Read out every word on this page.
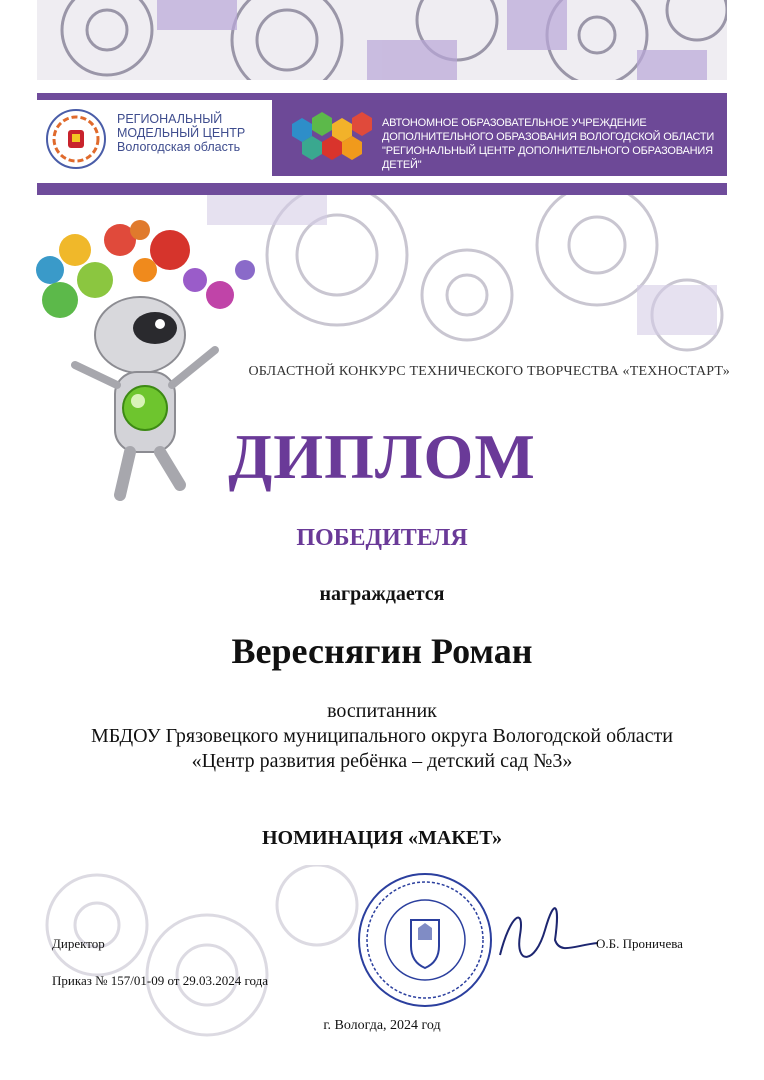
РЕГИОНАЛЬНЫЙ
МОДЕЛЬНЫЙ ЦЕНТР
Вологодская область
АВТОНОМНОЕ ОБРАЗОВАТЕЛЬНОЕ УЧРЕЖДЕНИЕ
ДОПОЛНИТЕЛЬНОГО ОБРАЗОВАНИЯ ВОЛОГОДСКОЙ ОБЛАСТИ
"РЕГИОНАЛЬНЫЙ ЦЕНТР ДОПОЛНИТЕЛЬНОГО ОБРАЗОВАНИЯ ДЕТЕЙ"
ОБЛАСТНОЙ КОНКУРС ТЕХНИЧЕСКОГО ТВОРЧЕСТВА «ТЕХНОСТАРТ»
ДИПЛОМ
ПОБЕДИТЕЛЯ
награждается
Вереснягин Роман
воспитанник
МБДОУ Грязовецкого муниципального округа Вологодской области
«Центр развития ребёнка – детский сад №3»
НОМИНАЦИЯ «МАКЕТ»
Директор	О.Б. Проничева
Приказ № 157/01-09 от 29.03.2024 года
г. Вологда, 2024 год
